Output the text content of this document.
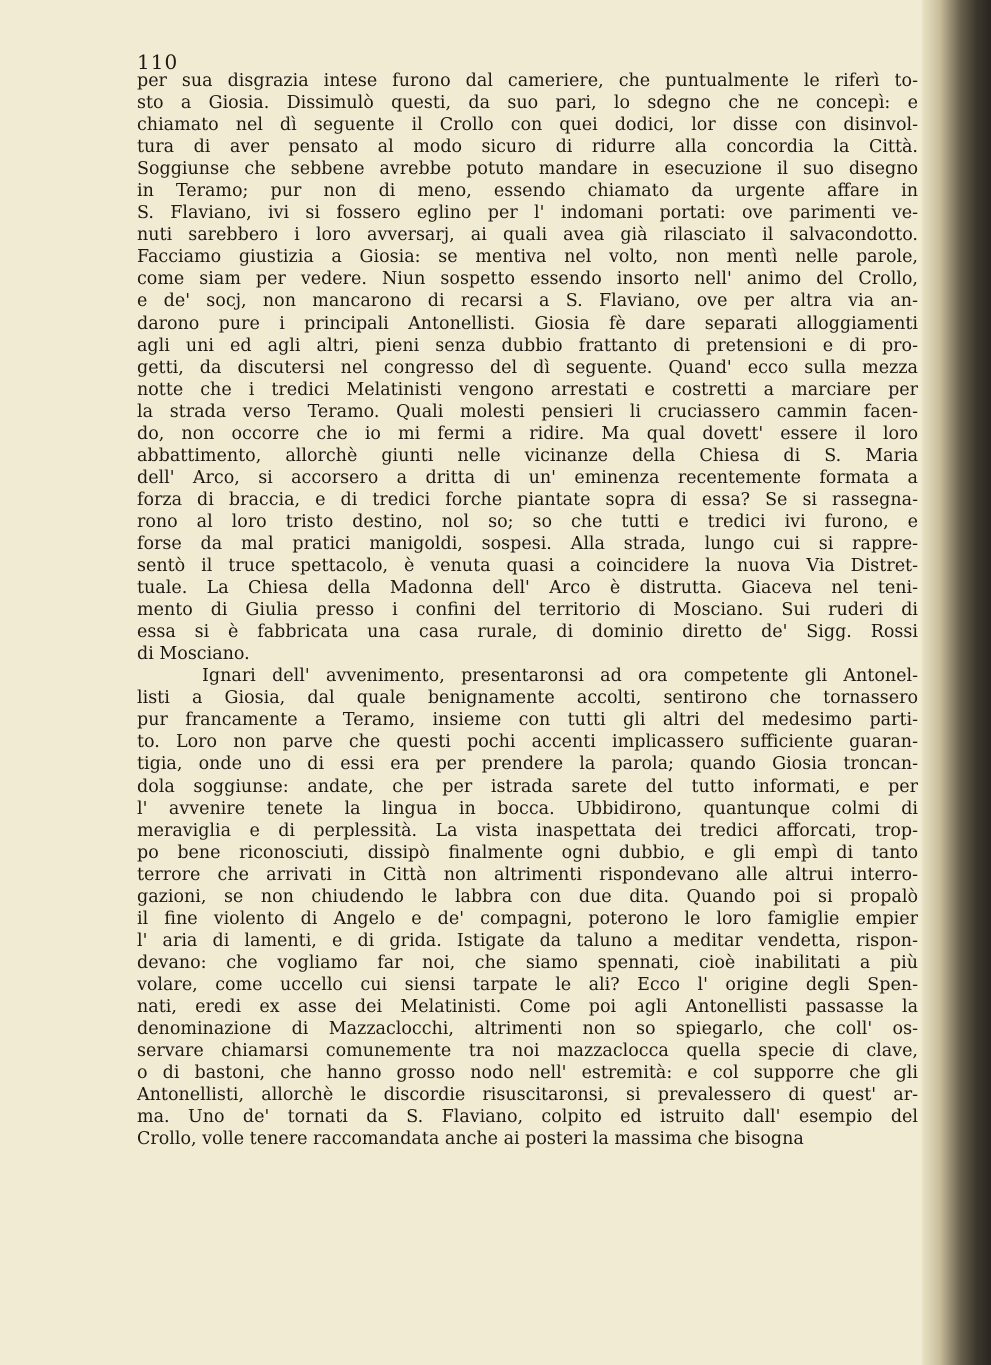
110
per sua disgrazia intese furono dal cameriere, che puntualmente le riferì to-
sto a Giosia. Dissimulò questi, da suo pari, lo sdegno che ne concepì: e
chiamato nel dì seguente il Crollo con quei dodici, lor disse con disinvol-
tura di aver pensato al modo sicuro di ridurre alla concordia la Città.
Soggiunse che sebbene avrebbe potuto mandare in esecuzione il suo disegno
in Teramo; pur non di meno, essendo chiamato da urgente affare in
S. Flaviano, ivi si fossero eglino per l' indomani portati: ove parimenti ve-
nuti sarebbero i loro avversarj, ai quali avea già rilasciato il salvacondotto.
Facciamo giustizia a Giosia: se mentiva nel volto, non mentì nelle parole,
come siam per vedere. Niun sospetto essendo insorto nell' animo del Crollo,
e de' socj, non mancarono di recarsi a S. Flaviano, ove per altra via an-
darono pure i principali Antonellisti. Giosia fè dare separati alloggiamenti
agli uni ed agli altri, pieni senza dubbio frattanto di pretensioni e di pro-
getti, da discutersi nel congresso del dì seguente. Quand' ecco sulla mezza
notte che i tredici Melatinisti vengono arrestati e costretti a marciare per
la strada verso Teramo. Quali molesti pensieri li cruciassero cammin facen-
do, non occorre che io mi fermi a ridire. Ma qual dovett' essere il loro
abbattimento, allorchè giunti nelle vicinanze della Chiesa di S. Maria
dell' Arco, si accorsero a dritta di un' eminenza recentemente formata a
forza di braccia, e di tredici forche piantate sopra di essa? Se si rassegna-
rono al loro tristo destino, nol so; so che tutti e tredici ivi furono, e
forse da mal pratici manigoldi, sospesi. Alla strada, lungo cui si rappre-
sentò il truce spettacolo, è venuta quasi a coincidere la nuova Via Distret-
tuale. La Chiesa della Madonna dell' Arco è distrutta. Giaceva nel teni-
mento di Giulia presso i confini del territorio di Mosciano. Sui ruderi di
essa si è fabbricata una casa rurale, di dominio diretto de' Sigg. Rossi
di Mosciano.
Ignari dell' avvenimento, presentaronsi ad ora competente gli Antonel-
listi a Giosia, dal quale benignamente accolti, sentirono che tornassero
pur francamente a Teramo, insieme con tutti gli altri del medesimo parti-
to. Loro non parve che questi pochi accenti implicassero sufficiente guaran-
tigia, onde uno di essi era per prendere la parola; quando Giosia troncan-
dola soggiunse: andate, che per istrada sarete del tutto informati, e per
l' avvenire tenete la lingua in bocca. Ubbidirono, quantunque colmi di
meraviglia e di perplessità. La vista inaspettata dei tredici afforcati, trop-
po bene riconosciuti, dissipò finalmente ogni dubbio, e gli empì di tanto
terrore che arrivati in Città non altrimenti rispondevano alle altrui interro-
gazioni, se non chiudendo le labbra con due dita. Quando poi si propalò
il fine violento di Angelo e de' compagni, poterono le loro famiglie empier
l' aria di lamenti, e di grida. Istigate da taluno a meditar vendetta, rispon-
devano: che vogliamo far noi, che siamo spennati, cioè inabilitati a più
volare, come uccello cui siensi tarpate le ali? Ecco l' origine degli Spen-
nati, eredi ex asse dei Melatinisti. Come poi agli Antonellisti passasse la
denominazione di Mazzaclocchi, altrimenti non so spiegarlo, che coll' os-
servare chiamarsi comunemente tra noi mazzaclocca quella specie di clave,
o di bastoni, che hanno grosso nodo nell' estremità: e col supporre che gli
Antonellisti, allorchè le discordie risuscitaronsi, si prevalessero di quest' ar-
ma. Uno de' tornati da S. Flaviano, colpito ed istruito dall' esempio del
Crollo, volle tenere raccomandata anche ai posteri la massima che bisogna
